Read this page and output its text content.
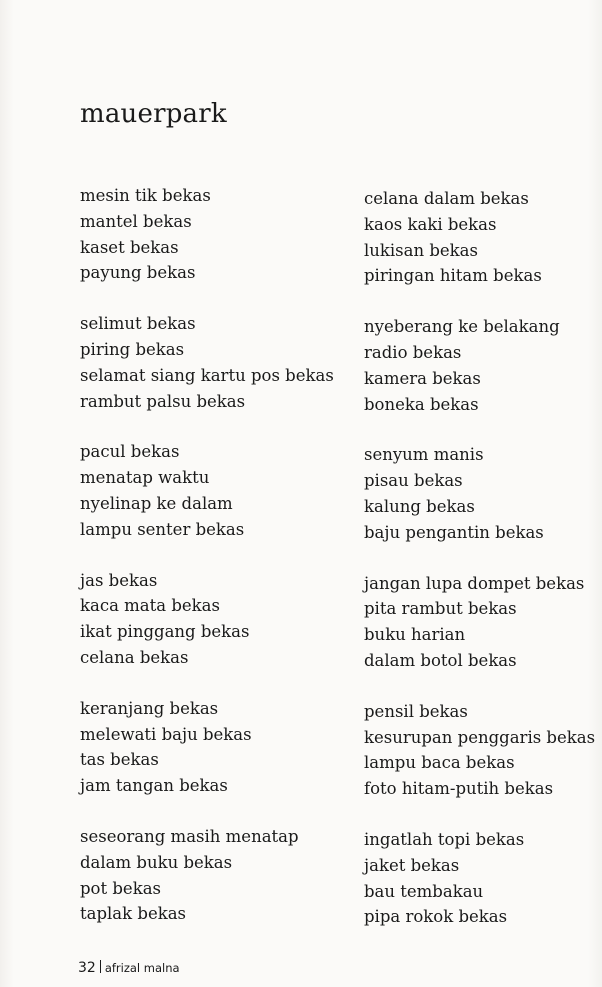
mauerpark
mesin tik bekas
mantel bekas
kaset bekas
payung bekas
selimut bekas
piring bekas
selamat siang kartu pos bekas
rambut palsu bekas
pacul bekas
menatap waktu
nyelinap ke dalam
lampu senter bekas
jas bekas
kaca mata bekas
ikat pinggang bekas
celana bekas
keranjang bekas
melewati baju bekas
tas bekas
jam tangan bekas
seseorang masih menatap
dalam buku bekas
pot bekas
taplak bekas
celana dalam bekas
kaos kaki bekas
lukisan bekas
piringan hitam bekas
nyeberang ke belakang
radio bekas
kamera bekas
boneka bekas
senyum manis
pisau bekas
kalung bekas
baju pengantin bekas
jangan lupa dompet bekas
pita rambut bekas
buku harian
dalam botol bekas
pensil bekas
kesurupan penggaris bekas
lampu baca bekas
foto hitam-putih bekas
ingatlah topi bekas
jaket bekas
bau tembakau
pipa rokok bekas
32 afrizal malna
